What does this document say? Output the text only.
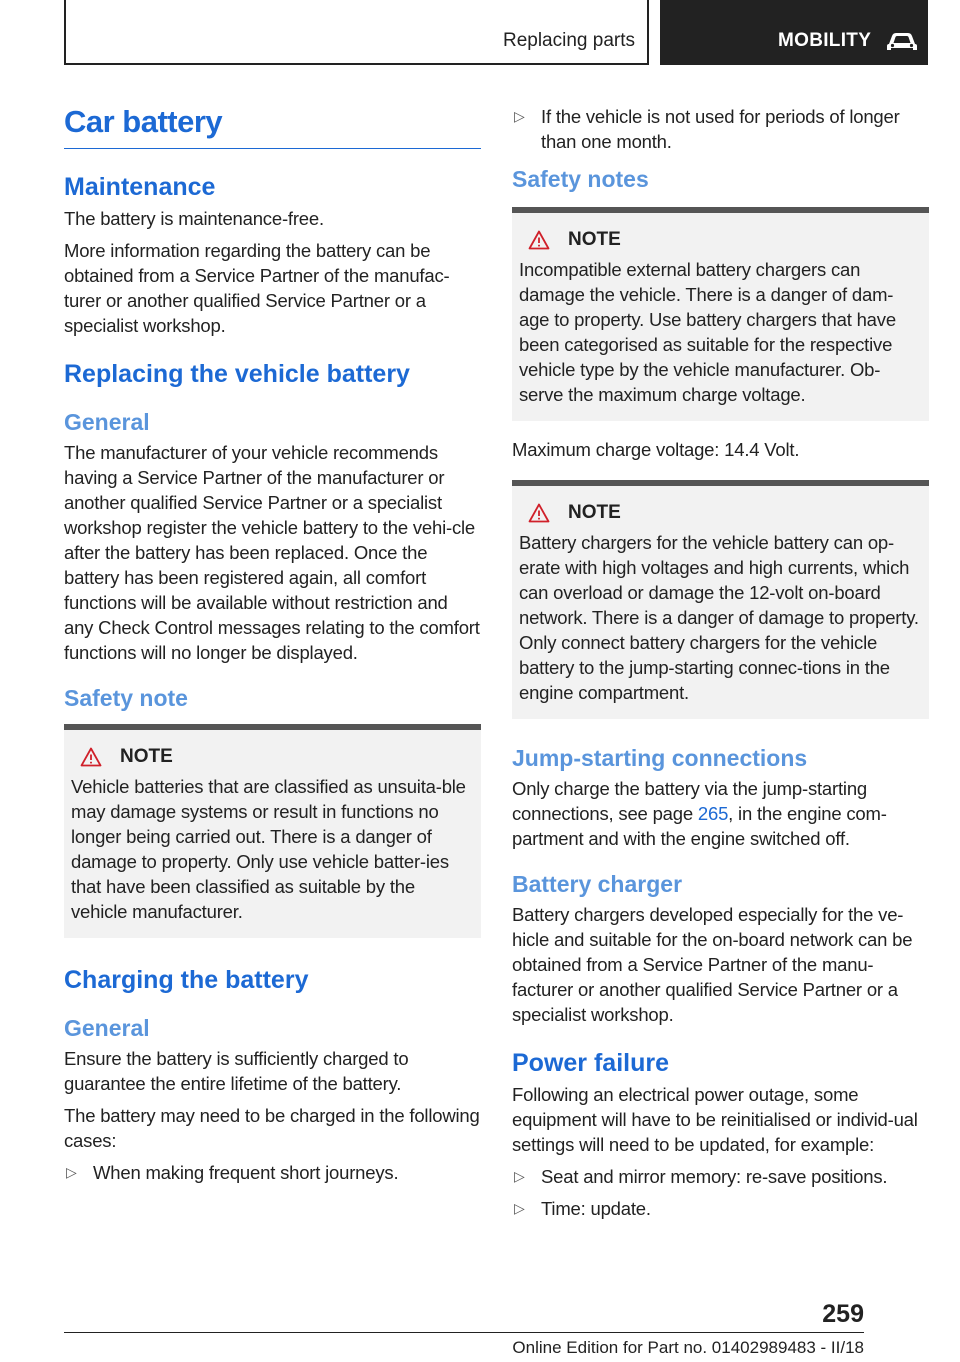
Replacing parts	MOBILITY
Car battery
Maintenance

The battery is maintenance-free.

More information regarding the battery can be obtained from a Service Partner of the manufac-turer or another qualified Service Partner or a specialist workshop.

Replacing the vehicle battery
General

The manufacturer of your vehicle recommends having a Service Partner of the manufacturer or another qualified Service Partner or a specialist workshop register the vehicle battery to the vehi-cle after the battery has been replaced. Once the battery has been registered again, all comfort functions will be available without restriction and any Check Control messages relating to the comfort functions will no longer be displayed.

Safety note
NOTE

Vehicle batteries that are classified as unsuita-ble may damage systems or result in functions no longer being carried out. There is a danger of damage to property. Only use vehicle batter-ies that have been classified as suitable by the vehicle manufacturer.

Charging the battery
General

Ensure the battery is sufficiently charged to guarantee the entire lifetime of the battery.

The battery may need to be charged in the following cases:

▷ When making frequent short journeys.
▷ If the vehicle is not used for periods of longer than one month.
Safety notes
NOTE

Incompatible external battery chargers can damage the vehicle. There is a danger of dam-age to property. Use battery chargers that have been categorised as suitable for the respective vehicle type by the vehicle manufacturer. Ob-serve the maximum charge voltage.

Maximum charge voltage: 14.4 Volt.

NOTE

Battery chargers for the vehicle battery can op-erate with high voltages and high currents, which can overload or damage the 12-volt on-board network. There is a danger of damage to property. Only connect battery chargers for the vehicle battery to the jump-starting connec-tions in the engine compartment.

Jump-starting connections

Only charge the battery via the jump-starting connections, see page 265, in the engine com-partment and with the engine switched off.

Battery charger

Battery chargers developed especially for the ve-hicle and suitable for the on-board network can be obtained from a Service Partner of the manu-facturer or another qualified Service Partner or a specialist workshop.

Power failure

Following an electrical power outage, some equipment will have to be reinitialised or individ-ual settings will need to be updated, for example:

▷ Seat and mirror memory: re-save positions.
▷ Time: update.
259
Online Edition for Part no. 01402989483 - II/18
